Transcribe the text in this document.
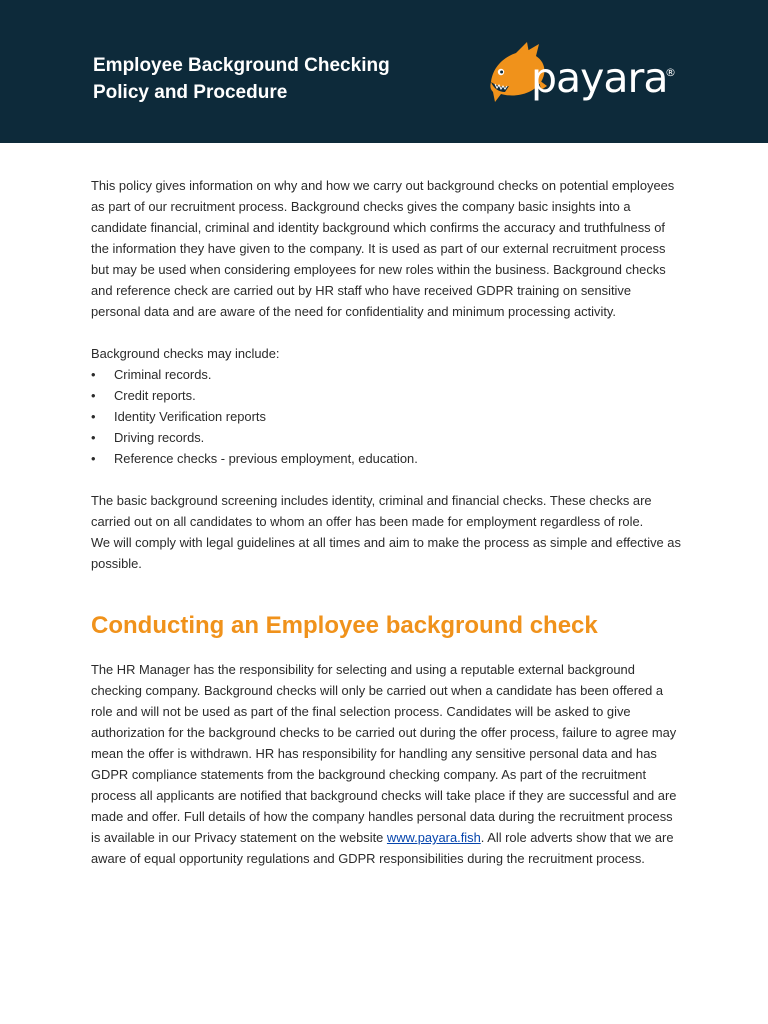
Employee Background Checking
Policy and Procedure	payara
®

This policy gives information on why and how we carry out background checks on potential employees as part of our recruitment process. Background checks gives the company basic insights into a candidate financial, criminal and identity background which confirms the accuracy and truthfulness of the information they have given to the company. It is used as part of our external recruitment process but may be used when considering employees for new roles within the business. Background checks and reference check are carried out by HR staff who have received GDPR training on sensitive personal data and are aware of the need for confidentiality and minimum processing activity.

Background checks may include:

• Criminal records.
• Credit reports.
• Identity Verification reports
• Driving records.
• Reference checks - previous employment, education.

The basic background screening includes identity, criminal and financial checks. These checks are carried out on all candidates to whom an offer has been made for employment regardless of role.

We will comply with legal guidelines at all times and aim to make the process as simple and effective as possible.

Conducting an Employee background check

The HR Manager has the responsibility for selecting and using a reputable external background checking company. Background checks will only be carried out when a candidate has been offered a role and will not be used as part of the final selection process. Candidates will be asked to give authorization for the background checks to be carried out during the offer process, failure to agree may mean the offer is withdrawn. HR has responsibility for handling any sensitive personal data and has GDPR compliance statements from the background checking company. As part of the recruitment process all applicants are notified that background checks will take place if they are successful and are made and offer. Full details of how the company handles personal data during the recruitment process is available in our Privacy statement on the website www.payara.fish. All role adverts show that we are aware of equal opportunity regulations and GDPR responsibilities during the recruitment process.
